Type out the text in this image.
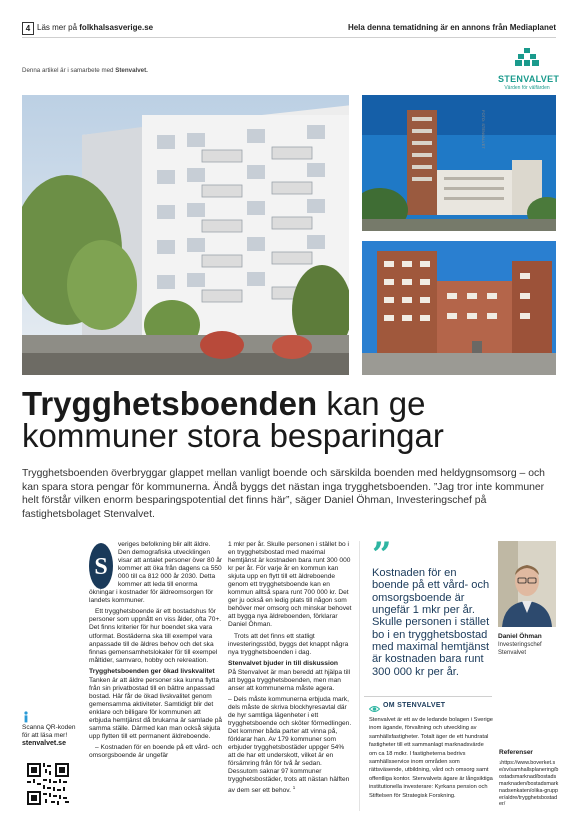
4 Läs mer på folkhalsasverige.se	Hela denna tematidning är en annons från Mediaplanet
Denna artikel är i samarbete med Stenvalvet.
STENVALVET
Värden för välfärden
FOTO: STENVALVET
Trygghetsboenden kan ge
kommuner stora besparingar
Trygghetsboenden överbryggar glappet mellan vanligt boende och särskilda boenden med heldygnsomsorg – och kan spara stora pengar för kommunerna. Ändå byggs det nästan inga trygghetsboenden. ”Jag tror inte kommuner helt förstår vilken enorm besparingspotential det finns här”, säger Daniel Öhman, Investeringschef på fastighetsbolaget Stenvalvet.
Scanna QR-koden för att läsa mer!
stenvalvet.se
S

veriges befolkning blir allt äldre. Den demografiska utvecklingen visar att antalet personer över 80 år kommer att öka från dagens ca 550 000 till ca 812 000 år 2030. Detta kommer att leda till enorma ökningar i kostnader för äldreomsorgen för landets kommuner.

Ett trygghetsboende är ett bostadshus för personer som uppnått en viss ålder, ofta 70+. Det finns kriterier för hur boendet ska vara utformat. Bostäderna ska till exempel vara anpassade till de äldres behov och det ska finnas gemensamhetslokaler för till exempel måltider, samvaro, hobby och rekreation.

Trygghetsboenden ger ökad livskvalitet

Tanken är att äldre personer ska kunna flytta från sin privatbostad till en bättre anpassad bostad. Här får de ökad livskvalitet genom gemensamma aktiviteter. Samtidigt blir det enklare och billigare för kommunen att erbjuda hemtjänst då brukarna är samlade på samma ställe. Därmed kan man också skjuta upp flytten till ett permanent äldreboende.

– Kostnaden för en boende på ett vård- och omsorgsboende är ungefär

1 mkr per år. Skulle personen i stället bo i en trygghetsbostad med maximal hemtjänst är kostnaden bara runt 300 000 kr per år. För varje år en kommun kan skjuta upp en flytt till ett äldreboende genom ett trygghetsboende kan en kommun alltså spara runt 700 000 kr. Det ger ju också en ledig plats till någon som behöver mer omsorg och minskar behovet att bygga nya äldreboenden, förklarar Daniel Öhman.

Trots att det finns ett statligt investeringsstöd, byggs det knappt några nya trygghetsboenden i dag.

Stenvalvet bjuder in till diskussion

På Stenvalvet är man beredd att hjälpa till att bygga trygghetsboenden, men man anser att kommunerna måste agera.

– Dels måste kommunerna erbjuda mark, dels måste de skriva blockhyresavtal där de hyr samtliga lägenheter i ett trygghetsboende och sköter förmedlingen. Det kommer båda parter att vinna på, förklarar han. Av 179 kommuner som erbjuder trygghetsbostäder uppger 54% att de har ett underskott, vilket är en försämring från för två år sedan. Dessutom saknar 97 kommuner trygghetsbostäder, trots att nästan hälften av dem ser ett behov. $^1$

”
Kostnaden för en boende på ett vård- och omsorgsboende är ungefär 1 mkr per år. Skulle personen i stället bo i en trygghetsbostad med maximal hemtjänst är kostnaden bara runt 300 000 kr per år.
Daniel Öhman
Investeringschef Stenvalvet
OM STENVALVET
Stenvalvet är ett av de ledande bolagen i Sverige inom ägande, förvaltning och utveckling av samhällsfastigheter. Totalt äger de ett hundratal fastigheter till ett sammanlagt marknadsvärde om ca 18 mdkr. I fastigheterna bedrivs samhällsservice inom områden som rättsväsende, utbildning, vård och omsorg samt offentliga kontor. Stenvalvets ägare är långsiktiga institutionella investerare: Kyrkans pension och Stiftelsen för Strategisk Forskning.
Referenser
$^1$https://www.boverket.se/sv/samhallsplanering/bostadsmarknad/bostadsmarknaden/bostadsmarknadsenkaten/olika-grupper/aldre/trygghetsbostader/
